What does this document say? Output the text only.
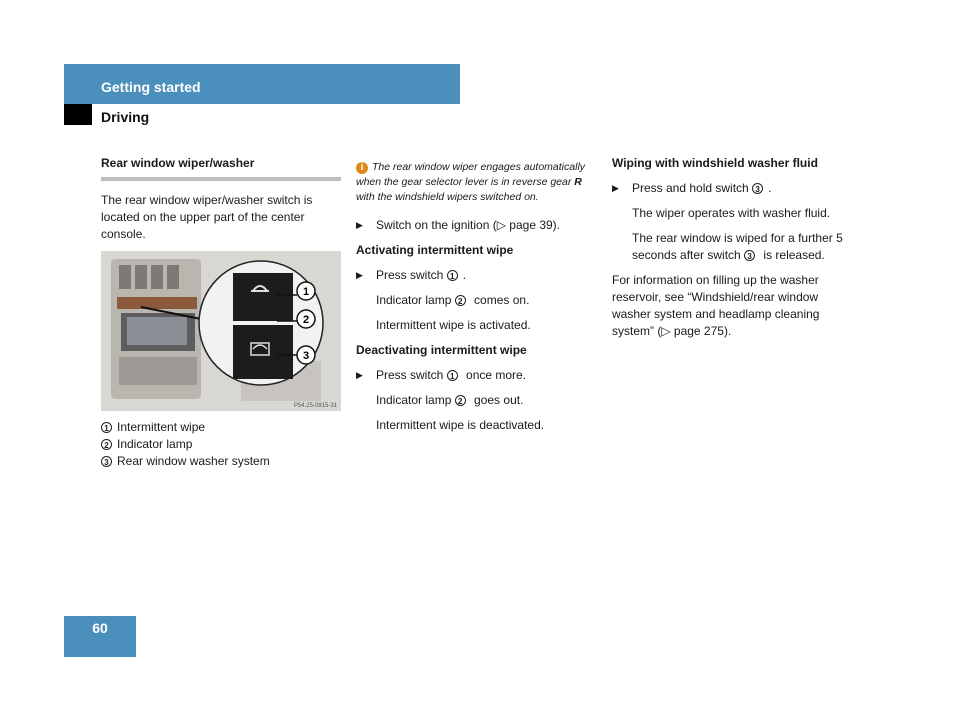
Getting started
Driving
Rear window wiper/washer

The rear window wiper/washer switch is located on the upper part of the center console.

1
2
3
P54.25-0815-31
1 Intermittent wipe
2 Indicator lamp
3 Rear window washer system
i The rear window wiper engages automatically when the gear selector lever is in reverse gear R with the windshield wipers switched on.
▶	Switch on the ignition (▷ page 39).
Activating intermittent wipe
▶	Press switch 1 .
Indicator lamp 2 comes on.
Intermittent wipe is activated.
Deactivating intermittent wipe
▶	Press switch 1 once more.
Indicator lamp 2 goes out.
Intermittent wipe is deactivated.
Wiping with windshield washer fluid
▶	Press and hold switch 3 .
The wiper operates with washer fluid.
The rear window is wiped for a further 5 seconds after switch 3 is released.

For information on filling up the washer reservoir, see “Windshield/rear window washer system and headlamp cleaning system” (▷ page 275).

60
